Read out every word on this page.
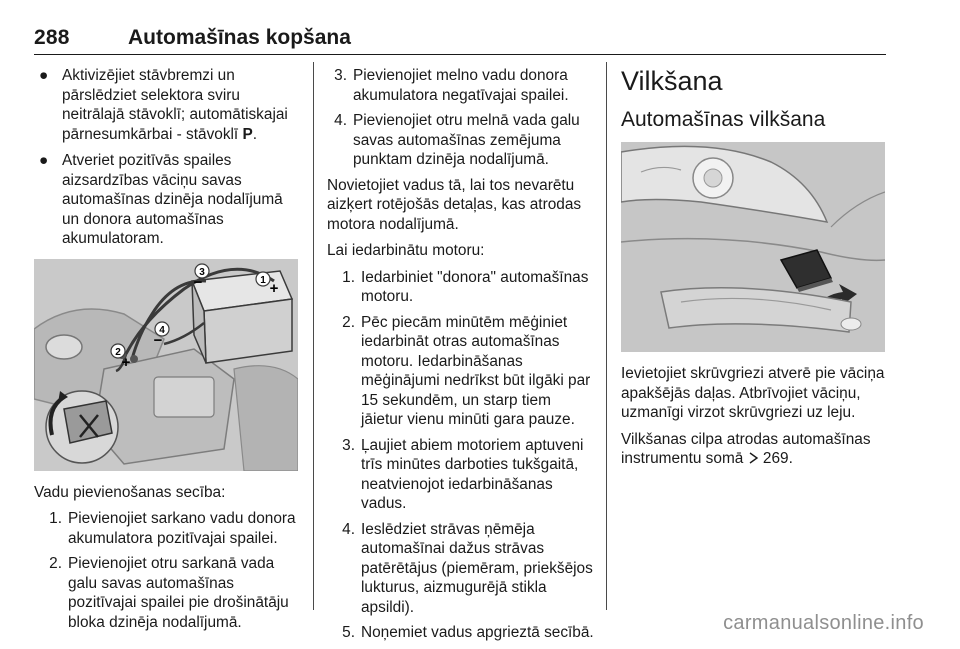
288	Automašīnas kopšana
● Aktivizējiet stāvbremzi un pārslēdziet selektora sviru neitrālajā stāvoklī; automātiskajai pārnesumkārbai - stāvoklī P.
● Atveriet pozitīvās spailes aizsardzības vāciņu savas automašīnas dzinēja nodalījumā un donora automašīnas akumulatoram.
1 +
3
−
4
−
2
+

Vadu pievienošanas secība:

1. Pievienojiet sarkano vadu donora akumulatora pozitīvajai spailei.
2. Pievienojiet otru sarkanā vada galu savas automašīnas pozitīvajai spailei pie drošinātāju bloka dzinēja nodalījumā.
3. Pievienojiet melno vadu donora akumulatora negatīvajai spailei.
4. Pievienojiet otru melnā vada galu savas automašīnas zemējuma punktam dzinēja nodalījumā.

Novietojiet vadus tā, lai tos nevarētu aizķert rotējošās detaļas, kas atrodas motora nodalījumā.

Lai iedarbinātu motoru:

1. Iedarbiniet "donora" automašīnas motoru.
2. Pēc piecām minūtēm mēģiniet iedarbināt otras automašīnas motoru. Iedarbināšanas mēģinājumi nedrīkst būt ilgāki par 15 sekundēm, un starp tiem jāietur vienu minūti gara pauze.
3. Ļaujiet abiem motoriem aptuveni trīs minūtes darboties tukšgaitā, neatvienojot iedarbināšanas vadus.
4. Ieslēdziet strāvas ņēmēja automašīnai dažus strāvas patērētājus (piemēram, priekšējos lukturus, aizmugurējā stikla apsildi).
5. Noņemiet vadus apgrieztā secībā.
Vilkšana
Automašīnas vilkšana

Ievietojiet skrūvgriezi atverē pie vāciņa apakšējās daļas. Atbrīvojiet vāciņu, uzmanīgi virzot skrūvgriezi uz leju.

Vilkšanas cilpa atrodas automašīnas instrumentu somā  269.

carmanualsonline.info
